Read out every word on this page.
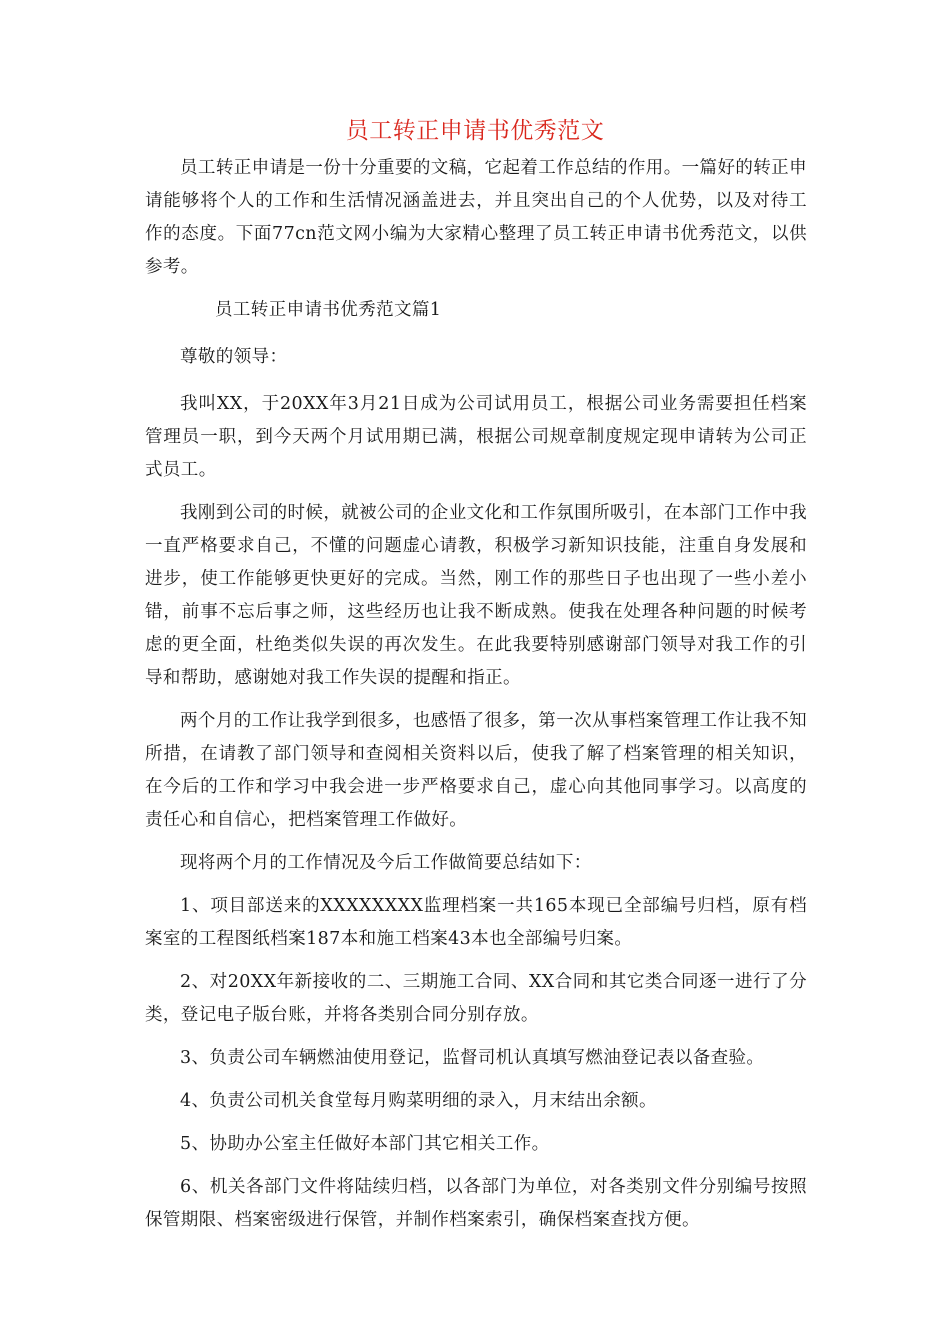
员工转正申请书优秀范文

员工转正申请是一份十分重要的文稿，它起着工作总结的作用。一篇好的转正申请能够将个人的工作和生活情况涵盖进去，并且突出自己的个人优势，以及对待工作的态度。下面77cn范文网小编为大家精心整理了员工转正申请书优秀范文，以供参考。

员工转正申请书优秀范文篇1

尊敬的领导：

我叫XX，于20XX年3月21日成为公司试用员工，根据公司业务需要担任档案管理员一职，到今天两个月试用期已满，根据公司规章制度规定现申请转为公司正式员工。

我刚到公司的时候，就被公司的企业文化和工作氛围所吸引，在本部门工作中我一直严格要求自己，不懂的问题虚心请教，积极学习新知识技能，注重自身发展和进步，使工作能够更快更好的完成。当然，刚工作的那些日子也出现了一些小差小错，前事不忘后事之师，这些经历也让我不断成熟。使我在处理各种问题的时候考虑的更全面，杜绝类似失误的再次发生。在此我要特别感谢部门领导对我工作的引导和帮助，感谢她对我工作失误的提醒和指正。

两个月的工作让我学到很多，也感悟了很多，第一次从事档案管理工作让我不知所措，在请教了部门领导和查阅相关资料以后，使我了解了档案管理的相关知识，在今后的工作和学习中我会进一步严格要求自己，虚心向其他同事学习。以高度的责任心和自信心，把档案管理工作做好。

现将两个月的工作情况及今后工作做简要总结如下：

1、项目部送来的XXXXXXXX监理档案一共165本现已全部编号归档，原有档案室的工程图纸档案187本和施工档案43本也全部编号归案。

2、对20XX年新接收的二、三期施工合同、XX合同和其它类合同逐一进行了分类，登记电子版台账，并将各类别合同分别存放。

3、负责公司车辆燃油使用登记，监督司机认真填写燃油登记表以备查验。

4、负责公司机关食堂每月购菜明细的录入，月末结出余额。

5、协助办公室主任做好本部门其它相关工作。

6、机关各部门文件将陆续归档，以各部门为单位，对各类别文件分别编号按照保管期限、档案密级进行保管，并制作档案索引，确保档案查找方便。
